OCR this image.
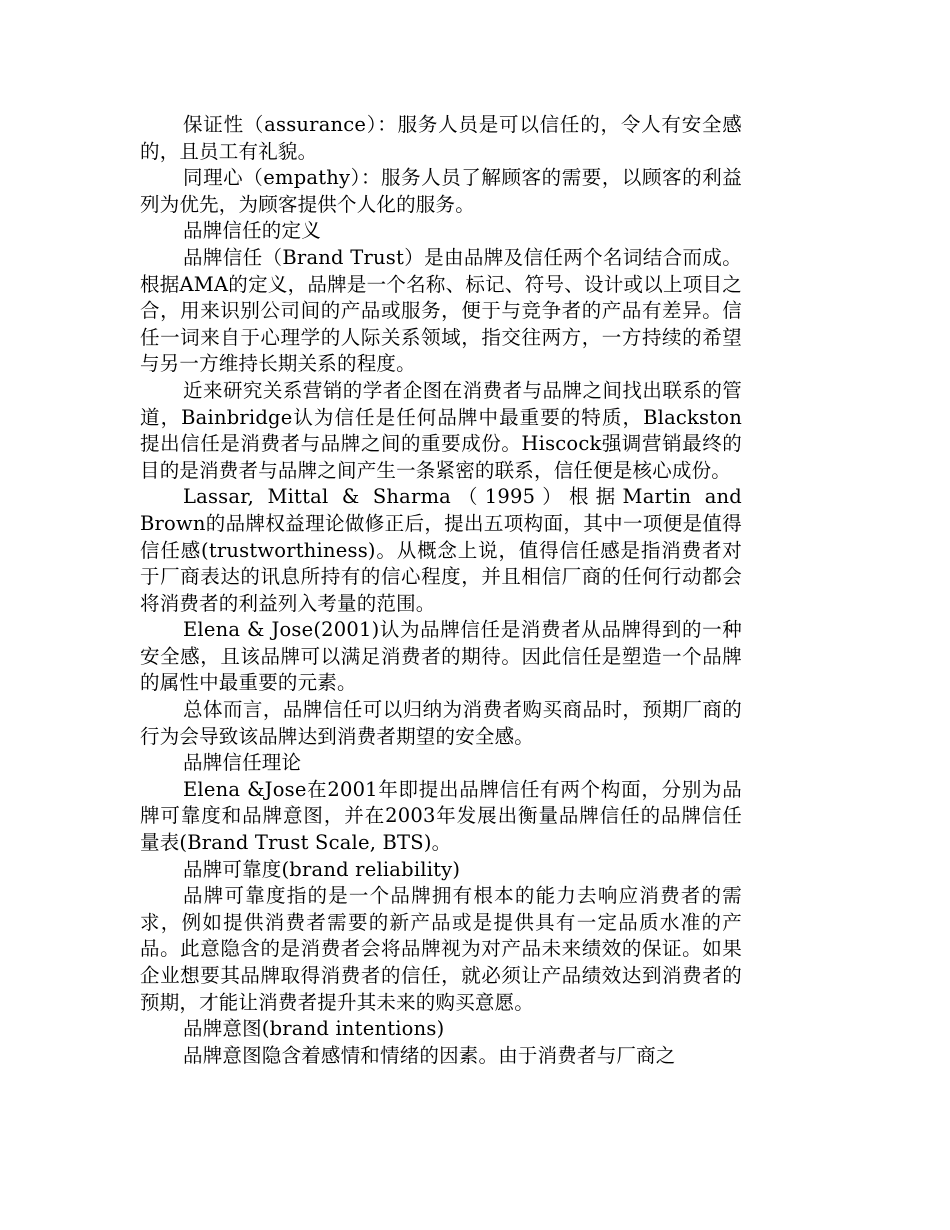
保证性（assurance）：服务人员是可以信任的，令人有安全感的，且员工有礼貌。

同理心（empathy）：服务人员了解顾客的需要，以顾客的利益列为优先，为顾客提供个人化的服务。

品牌信任的定义

品牌信任（Brand Trust）是由品牌及信任两个名词结合而成。根据AMA的定义，品牌是一个名称、标记、符号、设计或以上项目之合，用来识别公司间的产品或服务，便于与竞争者的产品有差异。信任一词来自于心理学的人际关系领域，指交往两方，一方持续的希望与另一方维持长期关系的程度。

近来研究关系营销的学者企图在消费者与品牌之间找出联系的管道，Bainbridge认为信任是任何品牌中最重要的特质，Blackston提出信任是消费者与品牌之间的重要成份。Hiscock强调营销最终的目的是消费者与品牌之间产生一条紧密的联系，信任便是核心成份。

Lassar, Mittal & Sharma（1995）根据Martin and Brown的品牌权益理论做修正后，提出五项构面，其中一项便是值得信任感(trustworthiness)。从概念上说，值得信任感是指消费者对于厂商表达的讯息所持有的信心程度，并且相信厂商的任何行动都会将消费者的利益列入考量的范围。

Elena & Jose(2001)认为品牌信任是消费者从品牌得到的一种安全感，且该品牌可以满足消费者的期待。因此信任是塑造一个品牌的属性中最重要的元素。

总体而言，品牌信任可以归纳为消费者购买商品时，预期厂商的行为会导致该品牌达到消费者期望的安全感。

品牌信任理论

Elena &Jose在2001年即提出品牌信任有两个构面，分别为品牌可靠度和品牌意图，并在2003年发展出衡量品牌信任的品牌信任量表(Brand Trust Scale, BTS)。

品牌可靠度(brand reliability)

品牌可靠度指的是一个品牌拥有根本的能力去响应消费者的需求，例如提供消费者需要的新产品或是提供具有一定品质水准的产品。此意隐含的是消费者会将品牌视为对产品未来绩效的保证。如果企业想要其品牌取得消费者的信任，就必须让产品绩效达到消费者的预期，才能让消费者提升其未来的购买意愿。

品牌意图(brand intentions)

品牌意图隐含着感情和情绪的因素。由于消费者与厂商之
